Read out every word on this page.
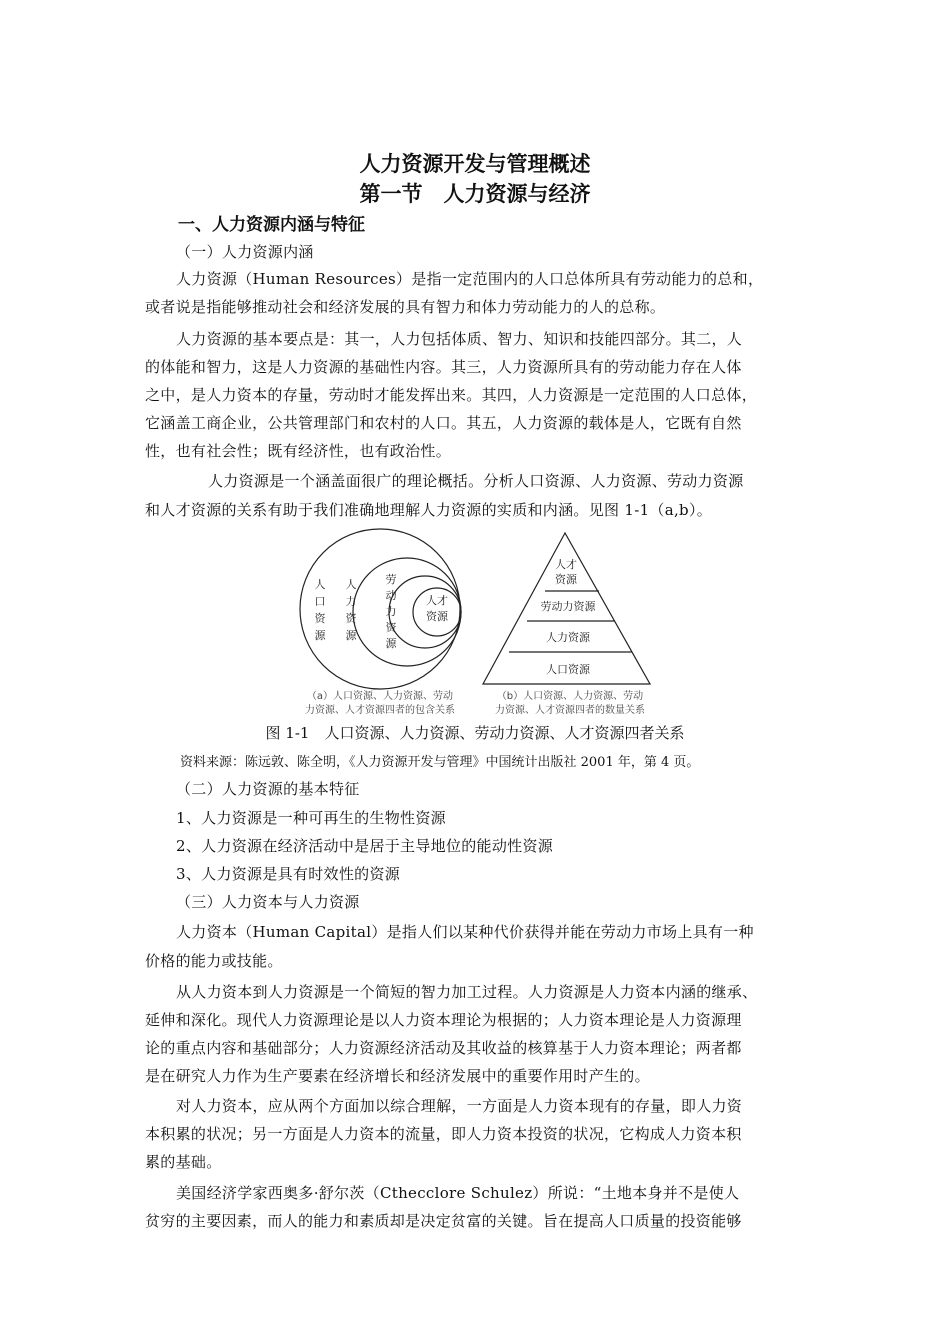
人力资源开发与管理概述
第一节　人力资源与经济
一、人力资源内涵与特征
（一）人力资源内涵
人力资源（Human Resources）是指一定范围内的人口总体所具有劳动能力的总和，
或者说是指能够推动社会和经济发展的具有智力和体力劳动能力的人的总称。
人力资源的基本要点是：其一，人力包括体质、智力、知识和技能四部分。其二，人
的体能和智力，这是人力资源的基础性内容。其三，人力资源所具有的劳动能力存在人体
之中，是人力资本的存量，劳动时才能发挥出来。其四，人力资源是一定范围的人口总体，
它涵盖工商企业，公共管理部门和农村的人口。其五，人力资源的载体是人，它既有自然
性，也有社会性；既有经济性，也有政治性。
人力资源是一个涵盖面很广的理论概括。分析人口资源、人力资源、劳动力资源
和人才资源的关系有助于我们准确地理解人力资源的实质和内涵。见图 1-1（a,b）。
人口资源
人力资源
劳动力资源
人才资源
（a）人口资源、人力资源、劳动
力资源、人才资源四者的包含关系
人才资源
劳动力资源
人力资源
人口资源
（b）人口资源、人力资源、劳动
力资源、人才资源四者的数量关系
图 1-1　人口资源、人力资源、劳动力资源、人才资源四者关系
资料来源：陈远敦、陈全明，《人力资源开发与管理》中国统计出版社 2001 年，第 4 页。
（二）人力资源的基本特征
1、人力资源是一种可再生的生物性资源
2、人力资源在经济活动中是居于主导地位的能动性资源
3、人力资源是具有时效性的资源
（三）人力资本与人力资源
人力资本（Human Capital）是指人们以某种代价获得并能在劳动力市场上具有一种
价格的能力或技能。
从人力资本到人力资源是一个简短的智力加工过程。人力资源是人力资本内涵的继承、
延伸和深化。现代人力资源理论是以人力资本理论为根据的；人力资本理论是人力资源理
论的重点内容和基础部分；人力资源经济活动及其收益的核算基于人力资本理论；两者都
是在研究人力作为生产要素在经济增长和经济发展中的重要作用时产生的。
对人力资本，应从两个方面加以综合理解，一方面是人力资本现有的存量，即人力资
本积累的状况；另一方面是人力资本的流量，即人力资本投资的状况，它构成人力资本积
累的基础。
美国经济学家西奥多·舒尔茨（Cthecclore Schulez）所说：“土地本身并不是使人
贫穷的主要因素，而人的能力和素质却是决定贫富的关键。旨在提高人口质量的投资能够
